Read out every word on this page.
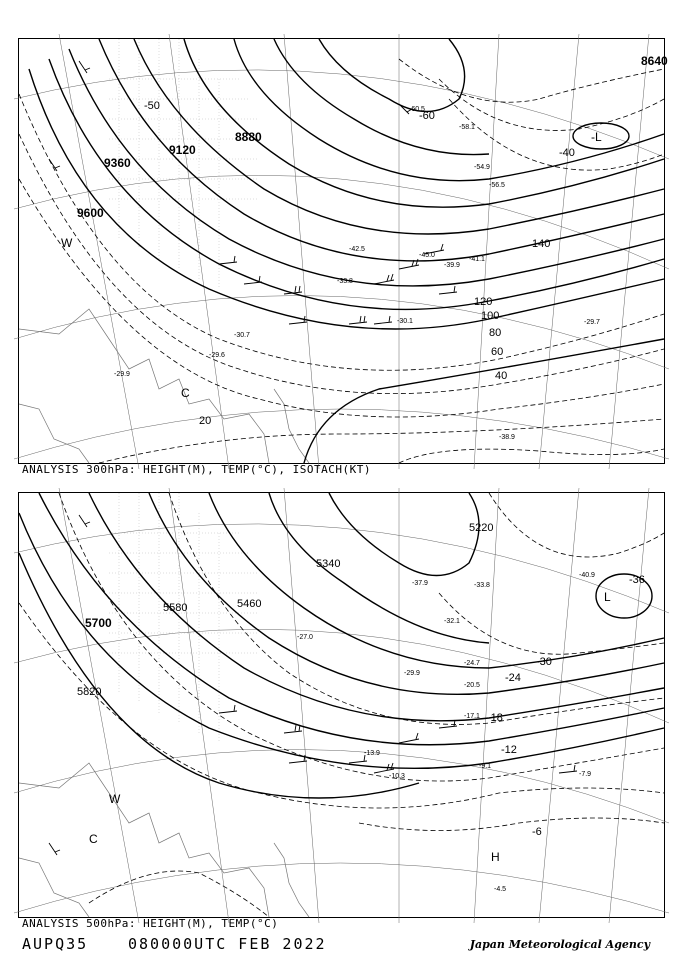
9600
9360
9120
8880
8640
140
120
100
80
60
40
20
-40
-50
-60
-L
C
W
-29.9
-30.1
-30.7
-29.6
-29.7
-38.9
-54.9
-58.1
-56.5
-60.5
-45.0
-42.5
-33.8
-39.9
-41.1
ANALYSIS 300hPa: HEIGHT(M), TEMP(°C), ISOTACH(KT)
5820
5700
5580	5460
5340
5220
-6
-12
-18
-24
-30
-36
L
H
W
C
-4.5
-7.9
-9.1
-10.3
-13.9
-17.1
-20.5
-24.7
-32.1
-37.9
-40.9
-33.8
-29.9
-27.0
ANALYSIS 500hPa: HEIGHT(M), TEMP(°C)
AUPQ35	080000UTC FEB 2022	Japan Meteorological Agency
